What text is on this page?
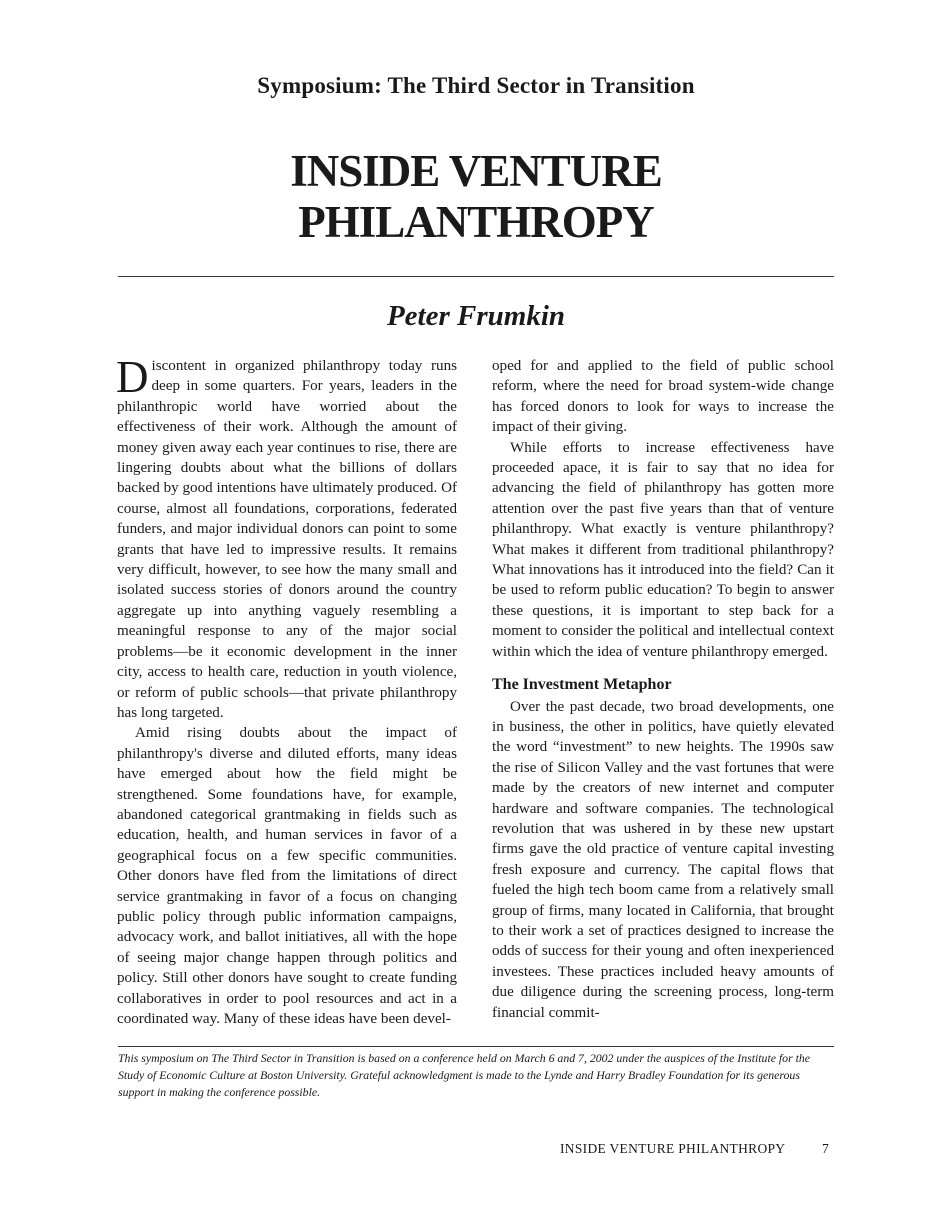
Symposium: The Third Sector in Transition
INSIDE VENTURE
PHILANTHROPY
Peter Frumkin

Discontent in organized philanthropy today runs deep in some quarters. For years, leaders in the philanthropic world have worried about the effectiveness of their work. Although the amount of money given away each year continues to rise, there are lingering doubts about what the billions of dollars backed by good intentions have ultimately produced. Of course, almost all foundations, corporations, federated funders, and major individual donors can point to some grants that have led to impressive results. It remains very difficult, however, to see how the many small and isolated success stories of donors around the country aggregate up into anything vaguely resembling a meaningful response to any of the major social problems—be it economic development in the inner city, access to health care, reduction in youth violence, or reform of public schools—that private philanthropy has long targeted.

Amid rising doubts about the impact of philanthropy's diverse and diluted efforts, many ideas have emerged about how the field might be strengthened. Some foundations have, for example, abandoned categorical grantmaking in fields such as education, health, and human services in favor of a geographical focus on a few specific communities. Other donors have fled from the limitations of direct service grantmaking in favor of a focus on changing public policy through public information campaigns, advocacy work, and ballot initiatives, all with the hope of seeing major change happen through politics and policy. Still other donors have sought to create funding collaboratives in order to pool resources and act in a coordinated way. Many of these ideas have been devel-

oped for and applied to the field of public school reform, where the need for broad system-wide change has forced donors to look for ways to increase the impact of their giving.

While efforts to increase effectiveness have proceeded apace, it is fair to say that no idea for advancing the field of philanthropy has gotten more attention over the past five years than that of venture philanthropy. What exactly is venture philanthropy? What makes it different from traditional philanthropy? What innovations has it introduced into the field? Can it be used to reform public education? To begin to answer these questions, it is important to step back for a moment to consider the political and intellectual context within which the idea of venture philanthropy emerged.

The Investment Metaphor

Over the past decade, two broad developments, one in business, the other in politics, have quietly elevated the word “investment” to new heights. The 1990s saw the rise of Silicon Valley and the vast fortunes that were made by the creators of new internet and computer hardware and software companies. The technological revolution that was ushered in by these new upstart firms gave the old practice of venture capital investing fresh exposure and currency. The capital flows that fueled the high tech boom came from a relatively small group of firms, many located in California, that brought to their work a set of practices designed to increase the odds of success for their young and often inexperienced investees. These practices included heavy amounts of due diligence during the screening process, long-term financial commit-

This symposium on The Third Sector in Transition is based on a conference held on March 6 and 7, 2002 under the auspices of the Institute for the Study of Economic Culture at Boston University. Grateful acknowledgment is made to the Lynde and Harry Bradley Foundation for its generous support in making the conference possible.
INSIDE VENTURE PHILANTHROPY	7
